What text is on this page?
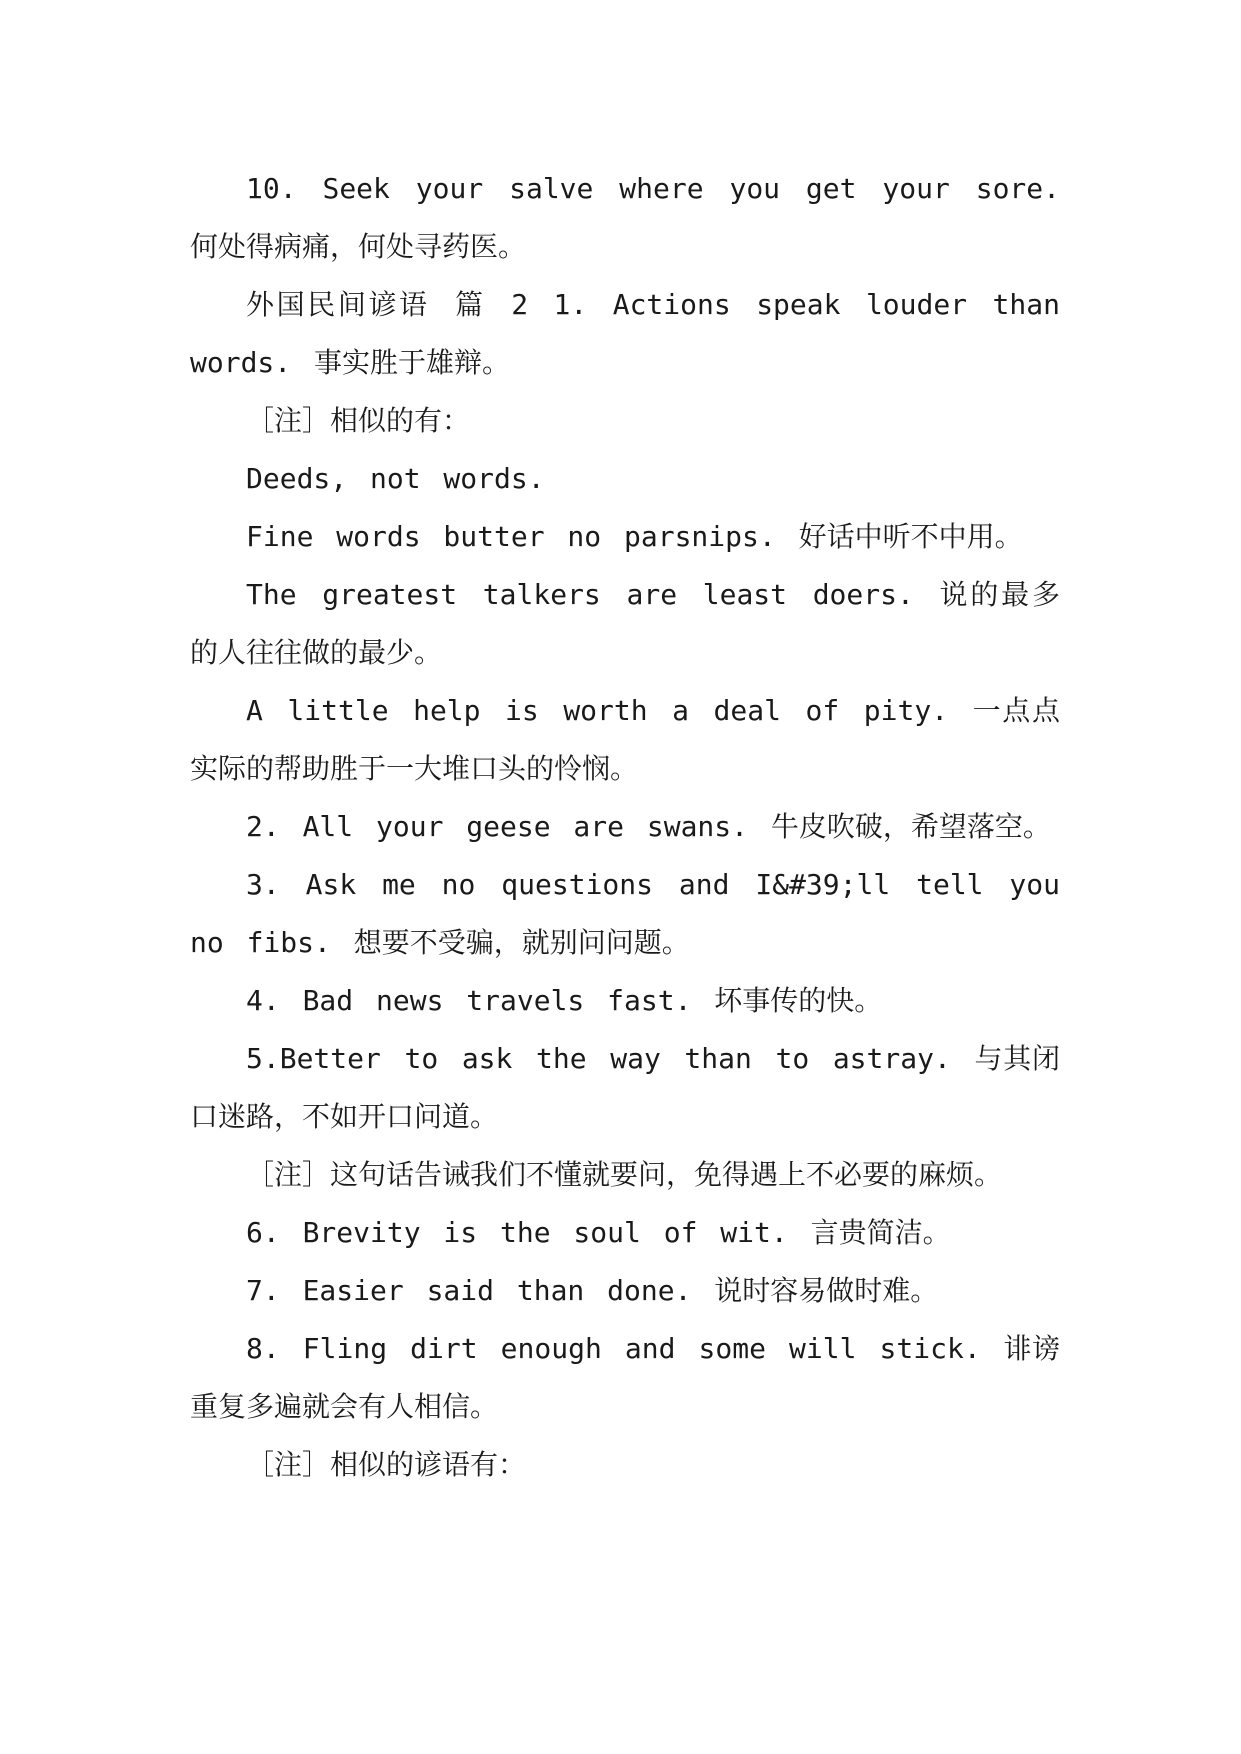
10. Seek your salve where you get your sore.何处得病痛，何处寻药医。

外国民间谚语 篇 2 1. Actions speak louder than words. 事实胜于雄辩。

［注］相似的有：

Deeds, not words.

Fine words butter no parsnips. 好话中听不中用。

The greatest talkers are least doers. 说的最多的人往往做的最少。

A little help is worth a deal of pity. 一点点实际的帮助胜于一大堆口头的怜悯。

2. All your geese are swans. 牛皮吹破，希望落空。

3. Ask me no questions and I&#39;ll tell you no fibs. 想要不受骗，就别问问题。

4. Bad news travels fast. 坏事传的快。

5.Better to ask the way than to astray. 与其闭口迷路，不如开口问道。

［注］这句话告诫我们不懂就要问，免得遇上不必要的麻烦。

6. Brevity is the soul of wit. 言贵简洁。

7. Easier said than done. 说时容易做时难。

8. Fling dirt enough and some will stick. 诽谤重复多遍就会有人相信。

［注］相似的谚语有：
